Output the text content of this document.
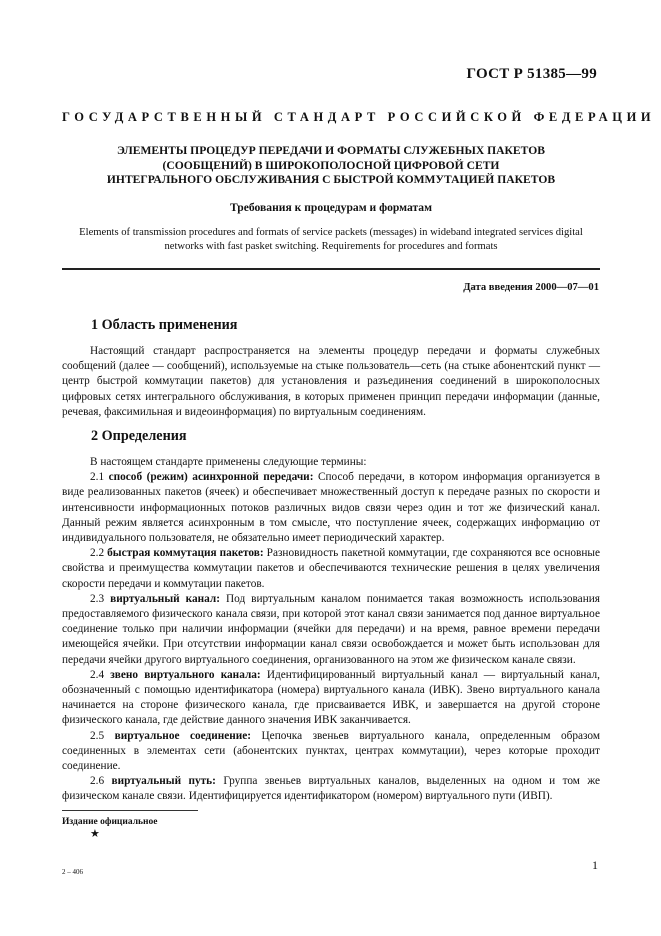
ГОСТ Р 51385—99
ГОСУДАРСТВЕННЫЙ СТАНДАРТ РОССИЙСКОЙ ФЕДЕРАЦИИ
ЭЛЕМЕНТЫ ПРОЦЕДУР ПЕРЕДАЧИ И ФОРМАТЫ СЛУЖЕБНЫХ ПАКЕТОВ
(СООБЩЕНИЙ) В ШИРОКОПОЛОСНОЙ ЦИФРОВОЙ СЕТИ
ИНТЕГРАЛЬНОГО ОБСЛУЖИВАНИЯ С БЫСТРОЙ КОММУТАЦИЕЙ ПАКЕТОВ
Требования к процедурам и форматам
Elements of transmission procedures and formats of service packets (messages) in wideband integrated services digital networks with fast pasket switching. Requirements for procedures and formats
Дата введения 2000—07—01
1 Область применения

Настоящий стандарт распространяется на элементы процедур передачи и форматы служебных сообщений (далее — сообщений), используемые на стыке пользователь—сеть (на стыке абонентский пункт — центр быстрой коммутации пакетов) для установления и разъединения соединений в широкополосных цифровых сетях интегрального обслуживания, в которых применен принцип передачи информации (данные, речевая, факсимильная и видеоинформация) по виртуальным соединениям.

2 Определения

В настоящем стандарте применены следующие термины:

2.1 способ (режим) асинхронной передачи: Способ передачи, в котором информация организуется в виде реализованных пакетов (ячеек) и обеспечивает множественный доступ к передаче разных по скорости и интенсивности информационных потоков различных видов связи через один и тот же физический канал. Данный режим является асинхронным в том смысле, что поступление ячеек, содержащих информацию от индивидуального пользователя, не обязательно имеет периодический характер.

2.2 быстрая коммутация пакетов: Разновидность пакетной коммутации, где сохраняются все основные свойства и преимущества коммутации пакетов и обеспечиваются технические решения в целях увеличения скорости передачи и коммутации пакетов.

2.3 виртуальный канал: Под виртуальным каналом понимается такая возможность использования предоставляемого физического канала связи, при которой этот канал связи занимается под данное виртуальное соединение только при наличии информации (ячейки для передачи) и на время, равное времени передачи имеющейся ячейки. При отсутствии информации канал связи освобождается и может быть использован для передачи ячейки другого виртуального соединения, организованного на этом же физическом канале связи.

2.4 звено виртуального канала: Идентифицированный виртуальный канал — виртуальный канал, обозначенный с помощью идентификатора (номера) виртуального канала (ИВК). Звено виртуального канала начинается на стороне физического канала, где присваивается ИВК, и завершается на другой стороне физического канала, где действие данного значения ИВК заканчивается.

2.5 виртуальное соединение: Цепочка звеньев виртуального канала, определенным образом соединенных в элементах сети (абонентских пунктах, центрах коммутации), через которые проходит соединение.

2.6 виртуальный путь: Группа звеньев виртуальных каналов, выделенных на одном и том же физическом канале связи. Идентифицируется идентификатором (номером) виртуального пути (ИВП).

Издание официальное
★
2 – 406	1
